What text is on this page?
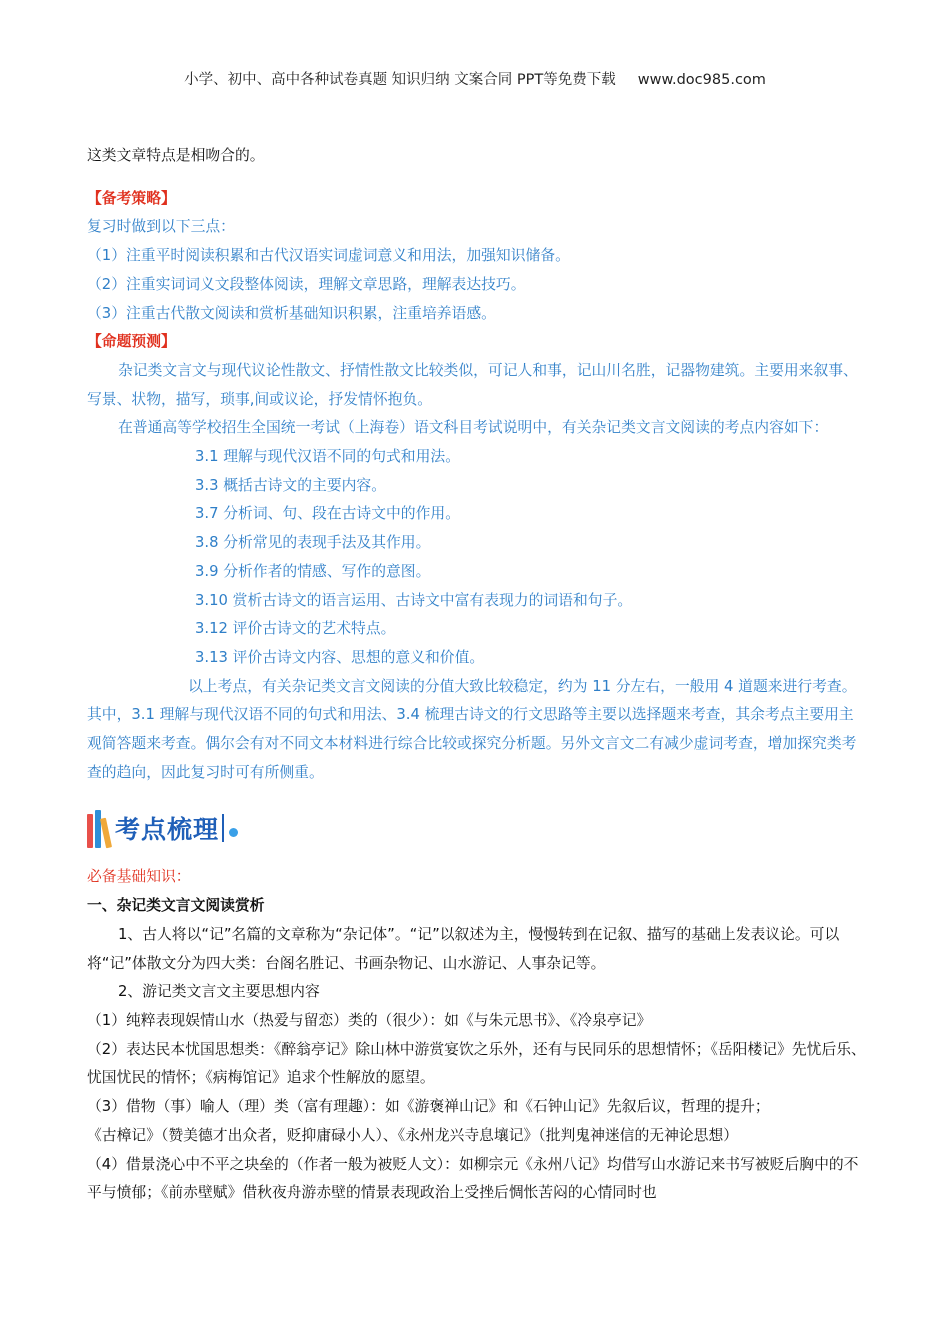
小学、初中、高中各种试卷真题 知识归纳 文案合同 PPT等免费下载 www.doc985.com
这类文章特点是相吻合的。
【备考策略】
复习时做到以下三点：
（1）注重平时阅读积累和古代汉语实词虚词意义和用法，加强知识储备。
（2）注重实词词义文段整体阅读，理解文章思路，理解表达技巧。
（3）注重古代散文阅读和赏析基础知识积累，注重培养语感。
【命题预测】
杂记类文言文与现代议论性散文、抒情性散文比较类似，可记人和事，记山川名胜，记器物建筑。主要用来叙事、写景、状物，描写，琐事,间或议论，抒发情怀抱负。
在普通高等学校招生全国统一考试（上海卷）语文科目考试说明中，有关杂记类文言文阅读的考点内容如下：
3.1 理解与现代汉语不同的句式和用法。
3.3 概括古诗文的主要内容。
3.7 分析词、句、段在古诗文中的作用。
3.8 分析常见的表现手法及其作用。
3.9 分析作者的情感、写作的意图。
3.10 赏析古诗文的语言运用、古诗文中富有表现力的词语和句子。
3.12 评价古诗文的艺术特点。
3.13 评价古诗文内容、思想的意义和价值。
以上考点，有关杂记类文言文阅读的分值大致比较稳定，约为 11 分左右，一般用 4 道题来进行考查。其中，3.1 理解与现代汉语不同的句式和用法、3.4 梳理古诗文的行文思路等主要以选择题来考查，其余考点主要用主观简答题来考查。偶尔会有对不同文本材料进行综合比较或探究分析题。另外文言文二有减少虚词考查，增加探究类考查的趋向，因此复习时可有所侧重。
考点梳理
必备基础知识：
一、杂记类文言文阅读赏析
1、古人将以“记”名篇的文章称为“杂记体”。“记”以叙述为主，慢慢转到在记叙、描写的基础上发表议论。可以将“记”体散文分为四大类：台阁名胜记、书画杂物记、山水游记、人事杂记等。
2、游记类文言文主要思想内容
（1）纯粹表现娱情山水（热爱与留恋）类的（很少）：如《与朱元思书》、《冷泉亭记》
（2）表达民本忧国思想类：《醉翁亭记》除山林中游赏宴饮之乐外，还有与民同乐的思想情怀；《岳阳楼记》先忧后乐、忧国忧民的情怀；《病梅馆记》追求个性解放的愿望。
（3）借物（事）喻人（理）类（富有理趣）：如《游褒禅山记》和《石钟山记》先叙后议，哲理的提升；
《古樟记》（赞美德才出众者，贬抑庸碌小人）、《永州龙兴寺息壤记》（批判鬼神迷信的无神论思想）
（4）借景浇心中不平之块垒的（作者一般为被贬人文）：如柳宗元《永州八记》均借写山水游记来书写被贬后胸中的不平与愤郁；《前赤壁赋》借秋夜舟游赤壁的情景表现政治上受挫后惆怅苦闷的心情同时也
